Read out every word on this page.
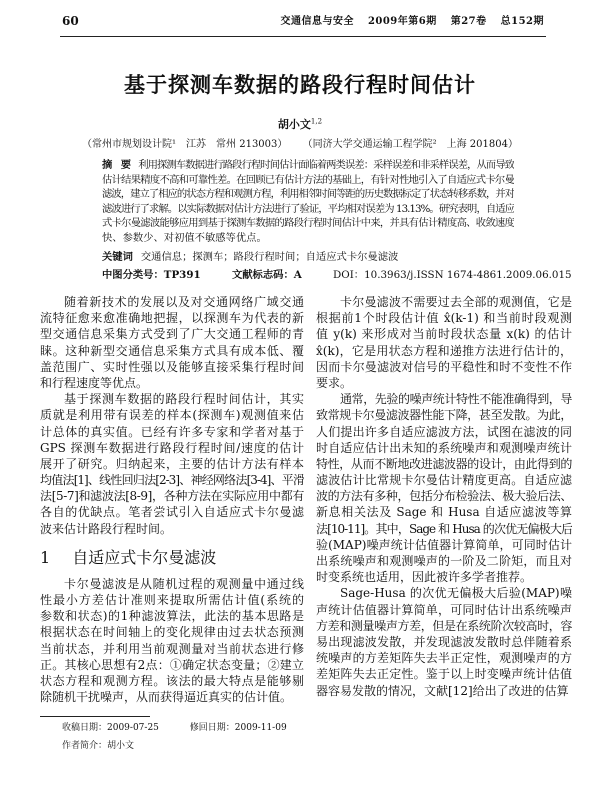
60	交通信息与安全 2009年第6期 第27卷 总152期
基于探测车数据的路段行程时间估计
胡小文$^{1,2}$
（常州市规划设计院¹　江苏　常州 213003） （同济大学交通运输工程学院²　上海 201804）
摘　要 利用探测车数据进行路段行程时间估计面临着两类误差：采样误差和非采样误差，从而导致
估计结果精度不高和可靠性差。在回顾已有估计方法的基础上，有针对性地引入了自适应式卡尔曼
滤波，建立了相应的状态方程和观测方程，利用相邻时间等距的历史数据标定了状态转移系数，并对
滤波进行了求解。以实际数据对估计方法进行了验证，平均相对误差为 13.13%。研究表明，自适应
式卡尔曼滤波能够应用到基于探测车数据的路段行程时间估计中来，并具有估计精度高、收敛速度
快、参数少、对初值不敏感等优点。
关键词 交通信息；探测车；路段行程时间；自适应式卡尔曼滤波
中图分类号：TP391	文献标志码：A	DOI：10.3963/j.ISSN 1674-4861.2009.06.015
随着新技术的发展以及对交通网络广域交通
流特征愈来愈准确地把握，以探测车为代表的新
型交通信息采集方式受到了广大交通工程师的青
睐。这种新型交通信息采集方式具有成本低、覆
盖范围广、实时性强以及能够直接采集行程时间
和行程速度等优点。
基于探测车数据的路段行程时间估计，其实
质就是利用带有误差的样本(探测车)观测值来估
计总体的真实值。已经有许多专家和学者对基于
GPS 探测车数据进行路段行程时间/速度的估计
展开了研究。归纳起来，主要的估计方法有样本
均值法[1]、线性回归法[2-3]、神经网络法[3-4]、平滑
法[5-7]和滤波法[8-9]，各种方法在实际应用中都有
各自的优缺点。笔者尝试引入自适应式卡尔曼滤
波来估计路段行程时间。
1 自适应式卡尔曼滤波
卡尔曼滤波是从随机过程的观测量中通过线
性最小方差估计准则来提取所需估计值(系统的
参数和状态)的1种滤波算法，此法的基本思路是
根据状态在时间轴上的变化规律由过去状态预测
当前状态，并利用当前观测量对当前状态进行修
正。其核心思想有2点：①确定状态变量；②建立
状态方程和观测方程。该法的最大特点是能够剔
除随机干扰噪声，从而获得逼近真实的估计值。
卡尔曼滤波不需要过去全部的观测值，它是
根据前1个时段估计值 x̂(k-1) 和当前时段观测
值 y(k) 来形成对当前时段状态量 x(k) 的估计
x̂(k)，它是用状态方程和递推方法进行估计的，
因而卡尔曼滤波对信号的平稳性和时不变性不作
要求。
通常，先验的噪声统计特性不能准确得到，导
致常规卡尔曼滤波器性能下降，甚至发散。为此，
人们提出许多自适应滤波方法，试图在滤波的同
时自适应估计出未知的系统噪声和观测噪声统计
特性，从而不断地改进滤波器的设计，由此得到的
滤波估计比常规卡尔曼估计精度更高。自适应滤
波的方法有多种，包括分布检验法、极大验后法、
新息相关法及 Sage 和 Husa 自适应滤波等算
法[10-11]。其中，Sage 和 Husa 的次优无偏极大后
验(MAP)噪声统计估值器计算简单，可同时估计
出系统噪声和观测噪声的一阶及二阶矩，而且对
时变系统也适用，因此被许多学者推荐。
Sage-Husa 的次优无偏极大后验(MAP)噪
声统计估值器计算简单，可同时估计出系统噪声
方差和测量噪声方差，但是在系统阶次较高时，容
易出现滤波发散，并发现滤波发散时总伴随着系
统噪声的方差矩阵失去半正定性，观测噪声的方
差矩阵失去正定性。鉴于以上时变噪声统计估值
器容易发散的情况，文献[12]给出了改进的估算
收稿日期：2009-07-25	修回日期：2009-11-09
作者简介：胡小文
